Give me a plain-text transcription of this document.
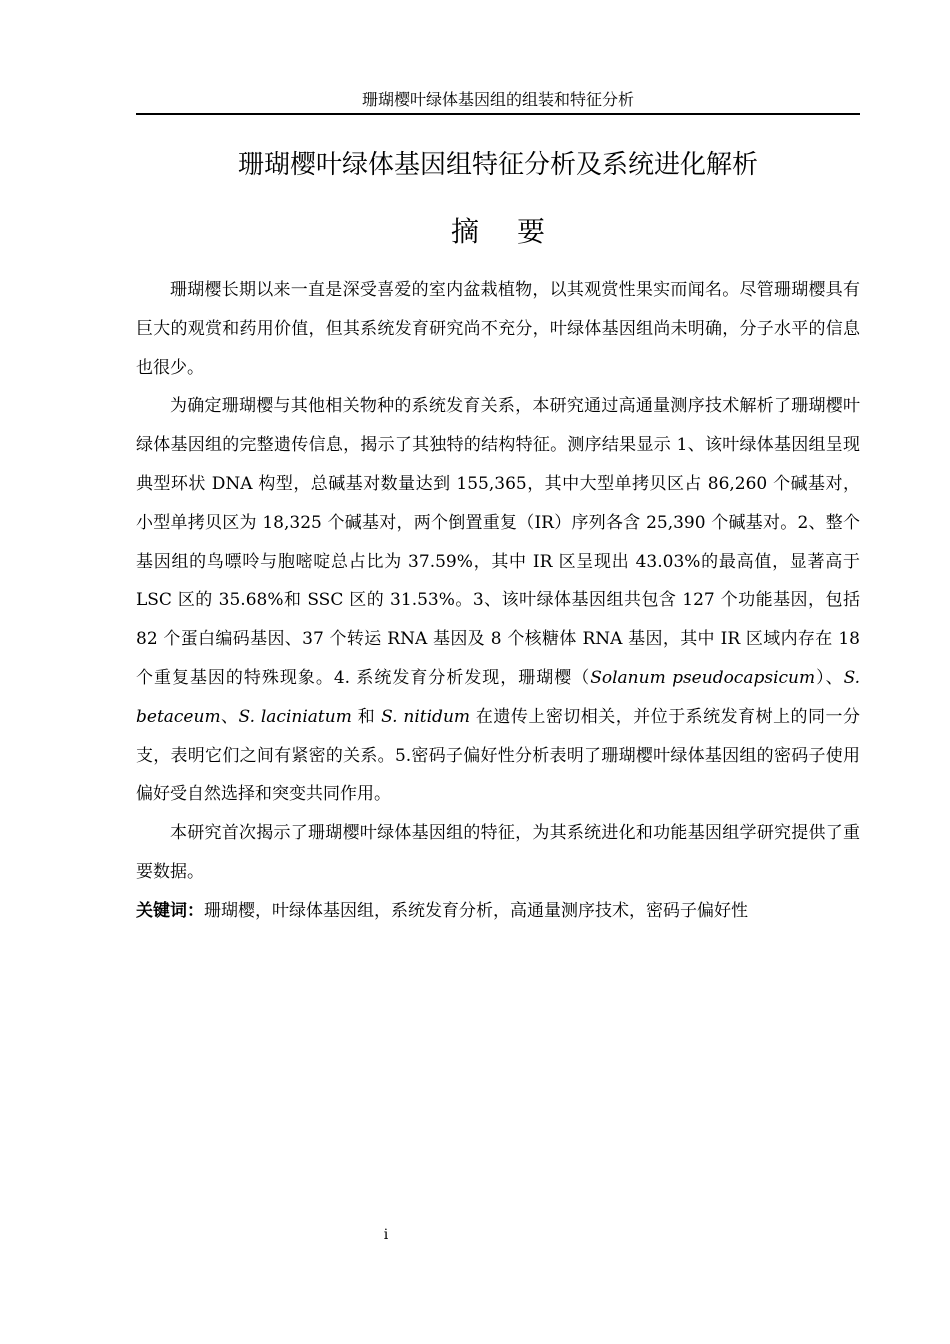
珊瑚樱叶绿体基因组的组装和特征分析
珊瑚樱叶绿体基因组特征分析及系统进化解析
摘 要

珊瑚樱长期以来一直是深受喜爱的室内盆栽植物，以其观赏性果实而闻名。尽管珊瑚樱具有巨大的观赏和药用价值，但其系统发育研究尚不充分，叶绿体基因组尚未明确，分子水平的信息也很少。

为确定珊瑚樱与其他相关物种的系统发育关系，本研究通过高通量测序技术解析了珊瑚樱叶绿体基因组的完整遗传信息，揭示了其独特的结构特征。测序结果显示 1、该叶绿体基因组呈现典型环状 DNA 构型，总碱基对数量达到 155,365，其中大型单拷贝区占 86,260 个碱基对，小型单拷贝区为 18,325 个碱基对，两个倒置重复（IR）序列各含 25,390 个碱基对。2、整个基因组的鸟嘌呤与胞嘧啶总占比为 37.59%，其中 IR 区呈现出 43.03%的最高值，显著高于 LSC 区的 35.68%和 SSC 区的 31.53%。3、该叶绿体基因组共包含 127 个功能基因，包括 82 个蛋白编码基因、37 个转运 RNA 基因及 8 个核糖体 RNA 基因，其中 IR 区域内存在 18 个重复基因的特殊现象。4. 系统发育分析发现，珊瑚樱（Solanum pseudocapsicum）、S. betaceum、S. laciniatum 和 S. nitidum 在遗传上密切相关，并位于系统发育树上的同一分支，表明它们之间有紧密的关系。5.密码子偏好性分析表明了珊瑚樱叶绿体基因组的密码子使用偏好受自然选择和突变共同作用。

本研究首次揭示了珊瑚樱叶绿体基因组的特征，为其系统进化和功能基因组学研究提供了重要数据。

关键词：珊瑚樱，叶绿体基因组，系统发育分析，高通量测序技术，密码子偏好性

i
